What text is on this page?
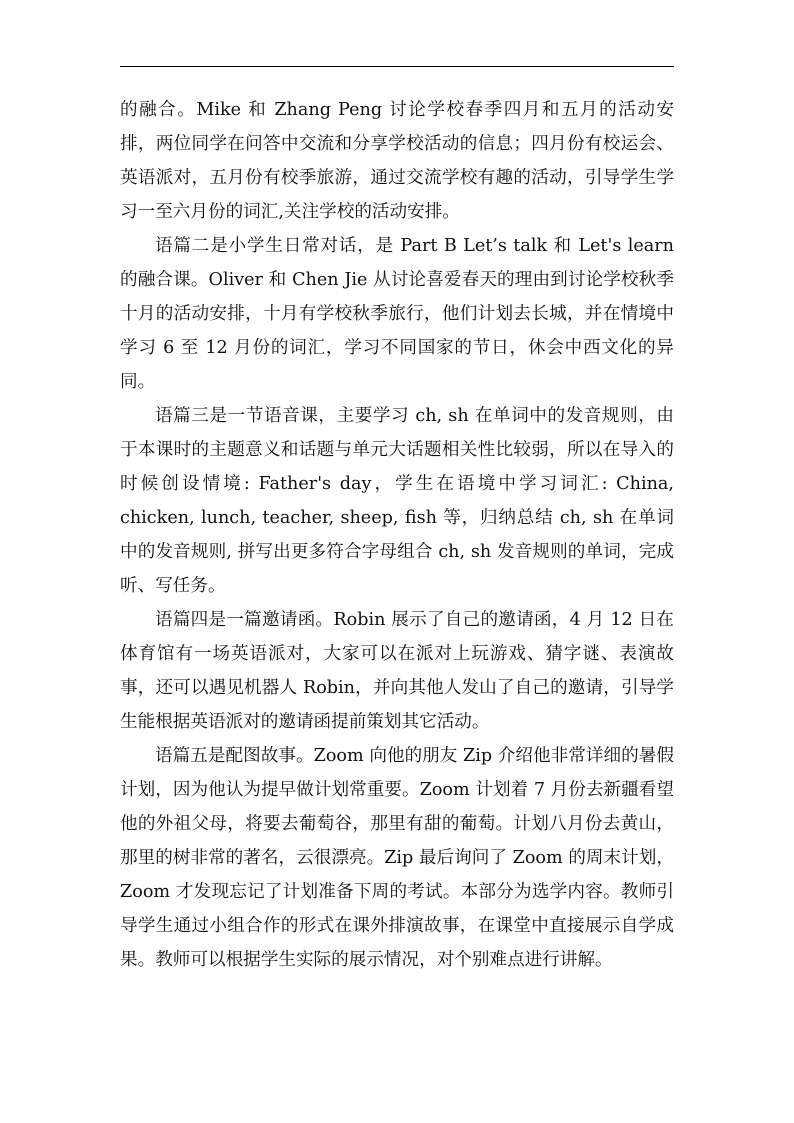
的融合。Mike 和 Zhang Peng 讨论学校春季四月和五月的活动安排，两位同学在问答中交流和分享学校活动的信息；四月份有校运会、英语派对，五月份有校季旅游，通过交流学校有趣的活动，引导学生学习一至六月份的词汇,关注学校的活动安排。

语篇二是小学生日常对话，是 Part B Let’s talk 和 Let's learn 的融合课。Oliver 和 Chen Jie 从讨论喜爱春天的理由到讨论学校秋季十月的活动安排，十月有学校秋季旅行，他们计划去长城，并在情境中学习 6 至 12 月份的词汇，学习不同国家的节日，休会中西文化的异同。

语篇三是一节语音课，主要学习 ch, sh 在单词中的发音规则，由于本课时的主题意义和话题与单元大话题相关性比较弱，所以在导入的时候创设情境: Father's day，学生在语境中学习词汇: China, chicken, lunch, teacher, sheep, fish 等，归纳总结 ch, sh 在单词中的发音规则, 拼写出更多符合字母组合 ch, sh 发音规则的单词，完成听、写任务。

语篇四是一篇邀请函。Robin 展示了自己的邀请函，4 月 12 日在体育馆有一场英语派对，大家可以在派对上玩游戏、猜字谜、表演故事，还可以遇见机器人 Robin，并向其他人发山了自己的邀请，引导学生能根据英语派对的邀请函提前策划其它活动。

语篇五是配图故事。Zoom 向他的朋友 Zip 介绍他非常详细的暑假计划，因为他认为提早做计划常重要。Zoom 计划着 7 月份去新疆看望他的外祖父母，将要去葡萄谷，那里有甜的葡萄。计划八月份去黄山，那里的树非常的著名，云很漂亮。Zip 最后询问了 Zoom 的周末计划，Zoom 才发现忘记了计划准备下周的考试。本部分为选学内容。教师引导学生通过小组合作的形式在课外排演故事，在课堂中直接展示自学成果。教师可以根据学生实际的展示情况，对个别难点进行讲解。
